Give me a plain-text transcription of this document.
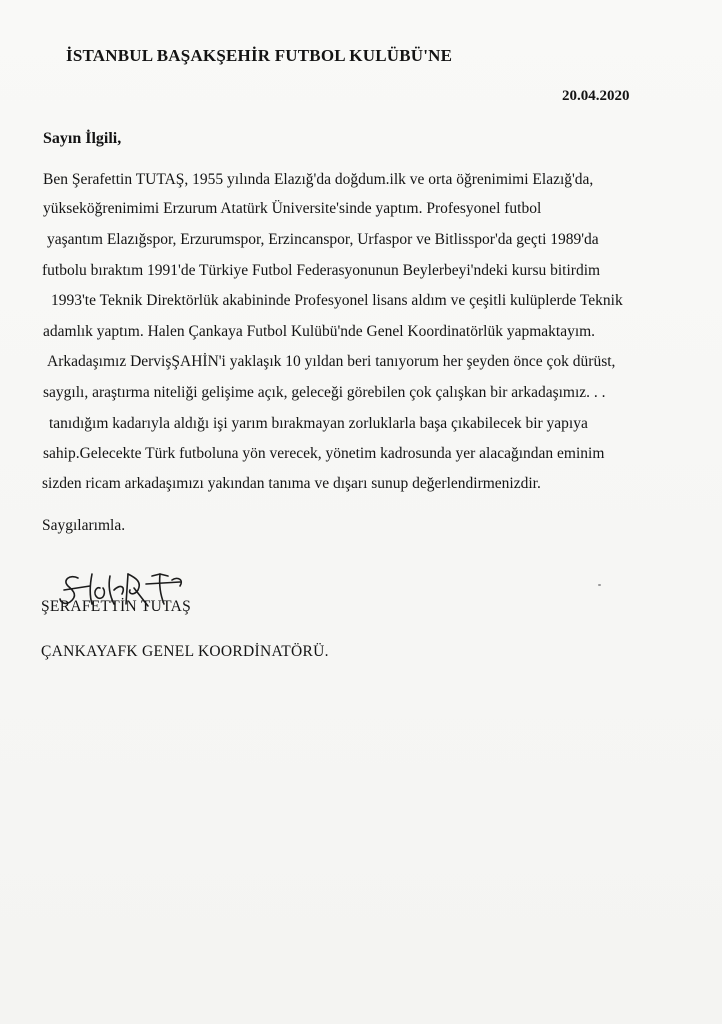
İSTANBUL BAŞAKŞEHİR FUTBOL KULÜBÜ'NE
20.04.2020
Sayın İlgili,
Ben Şerafettin TUTAŞ, 1955 yılında Elazığ'da doğdum.ilk ve orta öğrenimimi Elazığ'da,
yükseköğrenimimi Erzurum Atatürk Üniversite'sinde yaptım. Profesyonel futbol
yaşantım Elazığspor, Erzurumspor, Erzincanspor, Urfaspor ve Bitlisspor'da geçti 1989'da
futbolu bıraktım 1991'de Türkiye Futbol Federasyonunun Beylerbeyi'ndeki kursu bitirdim
1993'te Teknik Direktörlük akabininde Profesyonel lisans aldım ve çeşitli kulüplerde Teknik
adamlık yaptım. Halen Çankaya Futbol Kulübü'nde Genel Koordinatörlük yapmaktayım.
Arkadaşımız DervişŞAHİN'i yaklaşık 10 yıldan beri tanıyorum her şeyden önce çok dürüst,
saygılı, araştırma niteliği gelişime açık, geleceği görebilen çok çalışkan bir arkadaşımız. . .
tanıdığım kadarıyla aldığı işi yarım bırakmayan zorluklarla başa çıkabilecek bir yapıya
sahip.Gelecekte Türk futboluna yön verecek, yönetim kadrosunda yer alacağından eminim
sizden ricam arkadaşımızı yakından tanıma ve dışarı sunup değerlendirmenizdir.
Saygılarımla.
ŞERAFETTİN TUTAŞ
ÇANKAYAFK GENEL KOORDİNATÖRÜ.
